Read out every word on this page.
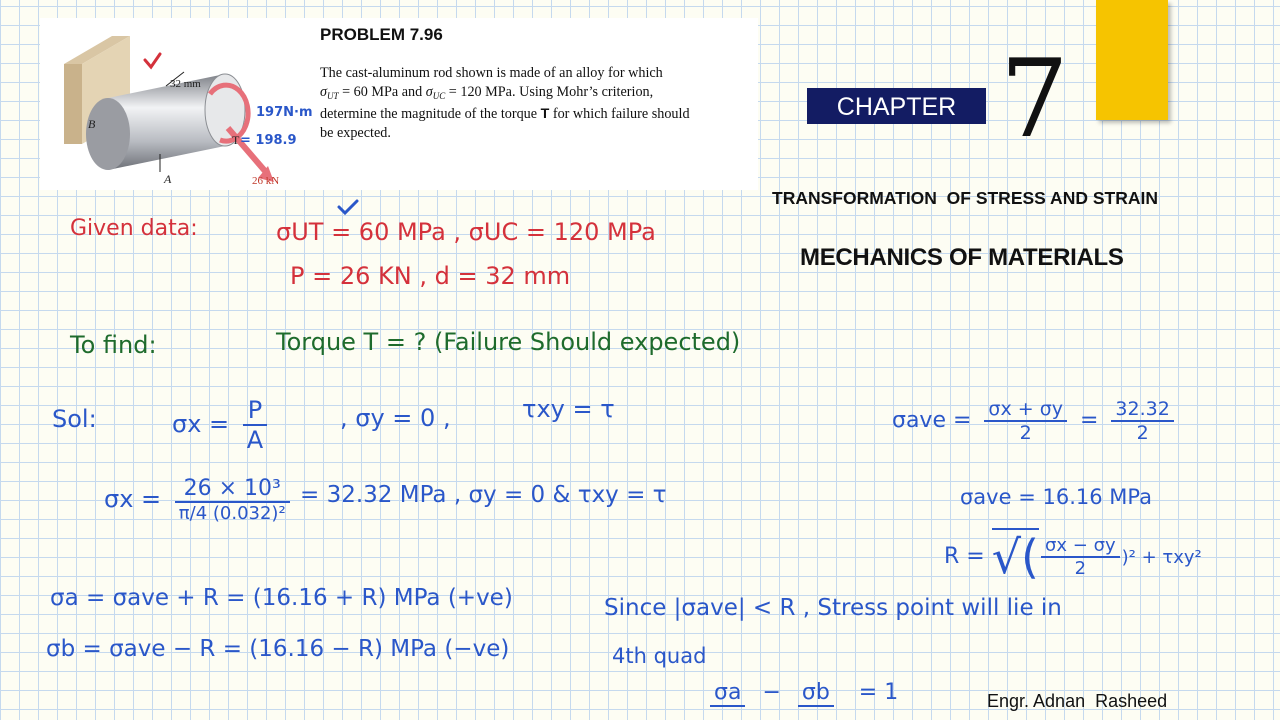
32 mm
B
A
T
26 kN
197N·m
= 198.9
PROBLEM 7.96
The cast-aluminum rod shown is made of an alloy for which
$\sigma_{UT} = 60$ MPa and $\sigma_{UC} = 120$ MPa. Using Mohr’s criterion,
determine the magnitude of the torque T for which failure should
be expected.
CHAPTER 7
TRANSFORMATION  OF STRESS AND STRAIN
MECHANICS OF MATERIALS
Given data:	σUT = 60 MPa , σUC = 120 MPa
P = 26 KN , d = 32 mm
To find:	Torque T = ? (Failure Should expected)
Sol:	$\sigma x = \frac{P}{A}$	, σy = 0 ,	τxy = τ
$\sigma x = \frac{\text{26 × 10³}}{\text{π/4 (0.032)²}} = 32.32$ MPa , σy = 0 & τxy = τ
$\sigma ave = \frac{\sigma x + \sigma y}{2} = \frac{32.32}{2}$
σave = 16.16 MPa
R = √( $\frac{\sigma x - \sigma y}{2} )^2 + \tau xy^2$
σa = σave + R = (16.16 + R) MPa (+ve)
σb = σave − R = (16.16 − R) MPa (−ve)
Since |σave| < R , Stress point will lie in
4th quad
σa − σb = 1	Engr. Adnan  Rasheed
